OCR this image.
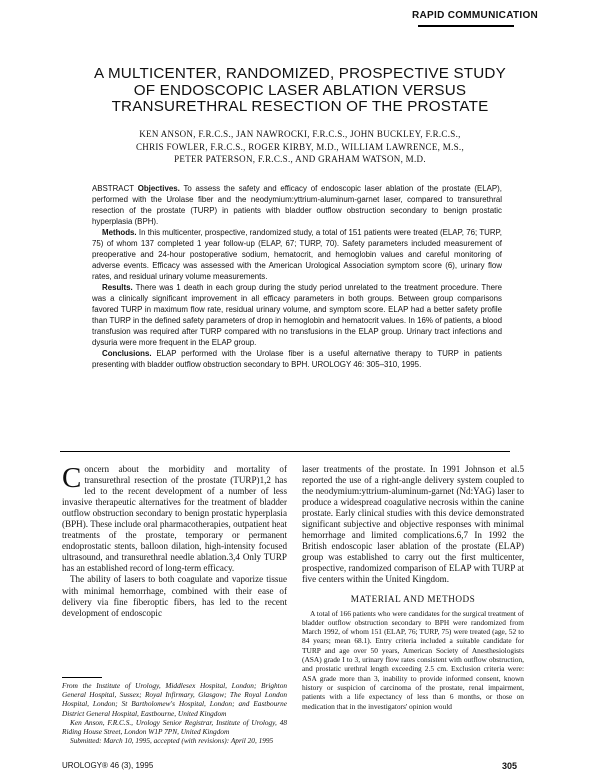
RAPID COMMUNICATION
A MULTICENTER, RANDOMIZED, PROSPECTIVE STUDY
OF ENDOSCOPIC LASER ABLATION VERSUS
TRANSURETHRAL RESECTION OF THE PROSTATE
KEN ANSON, F.R.C.S., JAN NAWROCKI, F.R.C.S., JOHN BUCKLEY, F.R.C.S.,
CHRIS FOWLER, F.R.C.S., ROGER KIRBY, M.D., WILLIAM LAWRENCE, M.S.,
PETER PATERSON, F.R.C.S., AND GRAHAM WATSON, M.D.

ABSTRACT Objectives. To assess the safety and efficacy of endoscopic laser ablation of the prostate (ELAP), performed with the Urolase fiber and the neodymium:yttrium-aluminum-garnet laser, compared to transurethral resection of the prostate (TURP) in patients with bladder outflow obstruction secondary to benign prostatic hyperplasia (BPH).

Methods. In this multicenter, prospective, randomized study, a total of 151 patients were treated (ELAP, 76; TURP, 75) of whom 137 completed 1 year follow-up (ELAP, 67; TURP, 70). Safety parameters included measurement of preoperative and 24-hour postoperative sodium, hematocrit, and hemoglobin values and careful monitoring of adverse events. Efficacy was assessed with the American Urological Association symptom score (6), urinary flow rates, and residual urinary volume measurements.

Results. There was 1 death in each group during the study period unrelated to the treatment procedure. There was a clinically significant improvement in all efficacy parameters in both groups. Between group comparisons favored TURP in maximum flow rate, residual urinary volume, and symptom score. ELAP had a better safety profile than TURP in the defined safety parameters of drop in hemoglobin and hematocrit values. In 16% of patients, a blood transfusion was required after TURP compared with no transfusions in the ELAP group. Urinary tract infections and dysuria were more frequent in the ELAP group.

Conclusions. ELAP performed with the Urolase fiber is a useful alternative therapy to TURP in patients presenting with bladder outflow obstruction secondary to BPH. UROLOGY 46: 305–310, 1995.

Concern about the morbidity and mortality of transurethral resection of the prostate (TURP)1,2 has led to the recent development of a number of less invasive therapeutic alternatives for the treatment of bladder outflow obstruction secondary to benign prostatic hyperplasia (BPH). These include oral pharmacotherapies, outpatient heat treatments of the prostate, temporary or permanent endoprostatic stents, balloon dilation, high-intensity focused ultrasound, and transurethral needle ablation.3,4 Only TURP has an established record of long-term efficacy.

The ability of lasers to both coagulate and vaporize tissue with minimal hemorrhage, combined with their ease of delivery via fine fiberoptic fibers, has led to the recent development of endoscopic

From the Institute of Urology, Middlesex Hospital, London; Brighton General Hospital, Sussex; Royal Infirmary, Glasgow; The Royal London Hospital, London; St Bartholomew's Hospital, London; and Eastbourne District General Hospital, Eastbourne, United Kingdom

Ken Anson, F.R.C.S., Urology Senior Registrar, Institute of Urology, 48 Riding House Street, London W1P 7PN, United Kingdom

Submitted: March 10, 1995, accepted (with revisions): April 20, 1995

laser treatments of the prostate. In 1991 Johnson et al.5 reported the use of a right-angle delivery system coupled to the neodymium:yttrium-aluminum-garnet (Nd:YAG) laser to produce a widespread coagulative necrosis within the canine prostate. Early clinical studies with this device demonstrated significant subjective and objective responses with minimal hemorrhage and limited complications.6,7 In 1992 the British endoscopic laser ablation of the prostate (ELAP) group was established to carry out the first multicenter, prospective, randomized comparison of ELAP with TURP at five centers within the United Kingdom.

MATERIAL AND METHODS

A total of 166 patients who were candidates for the surgical treatment of bladder outflow obstruction secondary to BPH were randomized from March 1992, of whom 151 (ELAP, 76; TURP, 75) were treated (age, 52 to 84 years; mean 68.1). Entry criteria included a suitable candidate for TURP and age over 50 years, American Society of Anesthesiologists (ASA) grade I to 3, urinary flow rates consistent with outflow obstruction, and prostatic urethral length exceeding 2.5 cm. Exclusion criteria were: ASA grade more than 3, inability to provide informed consent, known history or suspicion of carcinoma of the prostate, renal impairment, patients with a life expectancy of less than 6 months, or those on medication that in the investigators' opinion would

UROLOGY® 46 (3), 1995	305
